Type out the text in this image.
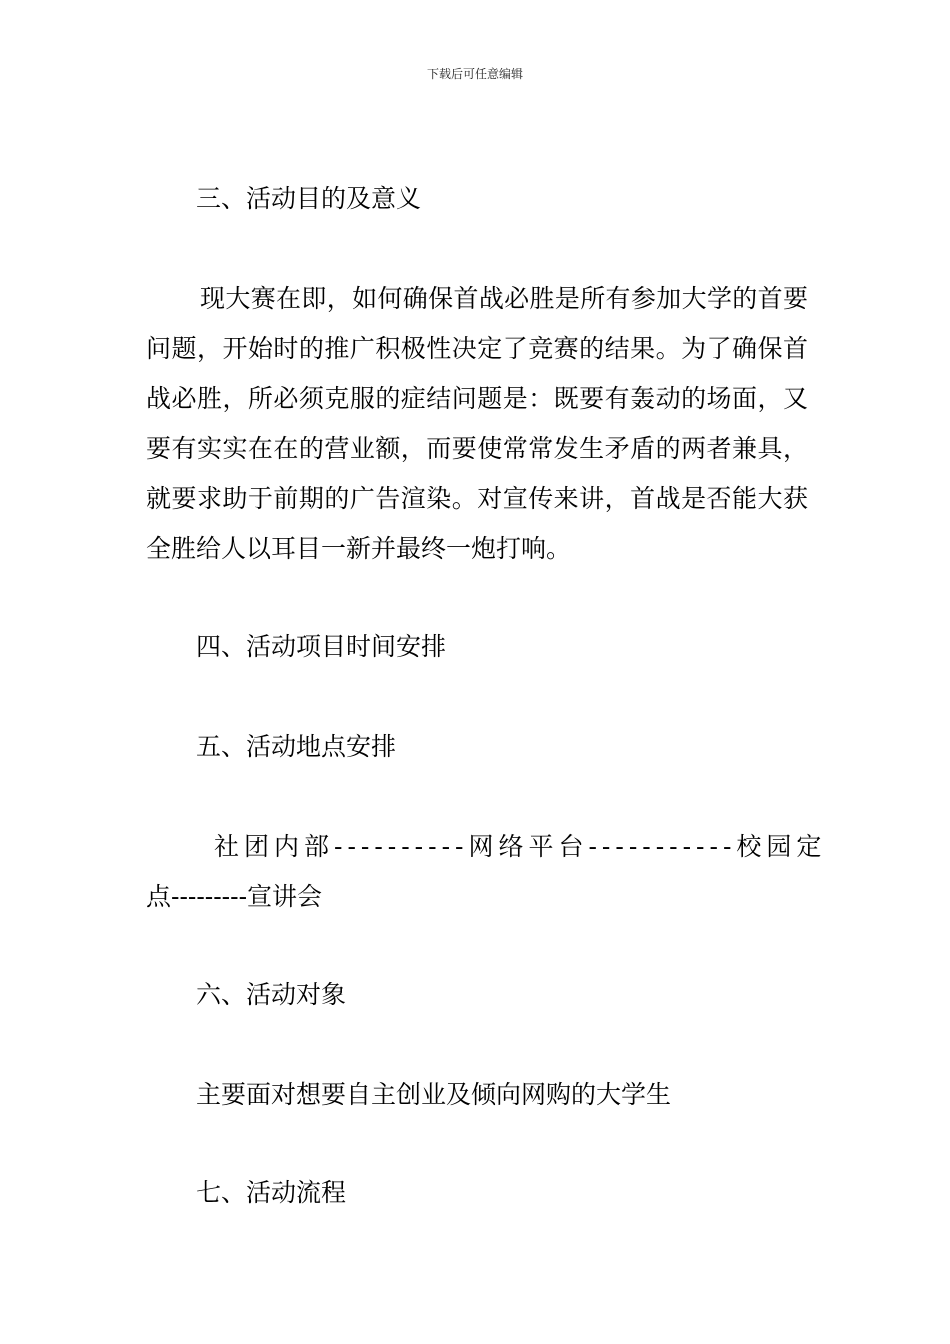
下载后可任意编辑
三、活动目的及意义

现大赛在即，如何确保首战必胜是所有参加大学的首要问题，开始时的推广积极性决定了竞赛的结果。为了确保首战必胜，所必须克服的症结问题是：既要有轰动的场面，又要有实实在在的营业额，而要使常常发生矛盾的两者兼具，就要求助于前期的广告渲染。对宣传来讲，首战是否能大获全胜给人以耳目一新并最终一炮打响。

四、活动项目时间安排
五、活动地点安排
社团内部----------网络平台-----------校园定
点---------宣讲会
六、活动对象
主要面对想要自主创业及倾向网购的大学生
七、活动流程
